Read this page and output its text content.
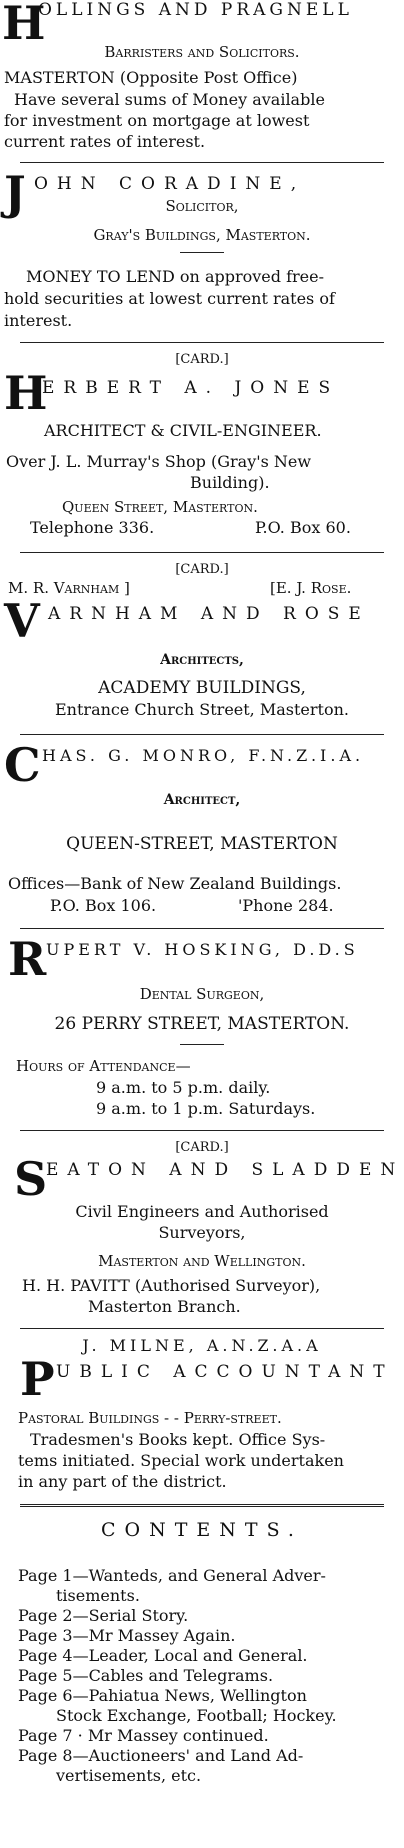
H
OLLINGS AND PRAGNELL
Barristers and Solicitors.
MASTERTON (Opposite Post Office)
Have several sums of Money available
for investment on mortgage at lowest
current rates of interest.
J OHN CORADINE,
Solicitor,
Gray's Buildings, Masterton.
MONEY TO LEND on approved free-
hold securities at lowest current rates of
interest.
[CARD.]
H
ERBERT A. JONES
ARCHITECT & CIVIL-ENGINEER.
Over J. L. Murray's Shop (Gray's New
Building).
Queen Street, Masterton.
Telephone 336.	P.O. Box 60.
[CARD.]
M. R. Varnham ]	[E. J. Rose.
V ARNHAM AND ROSE
Architects,
ACADEMY BUILDINGS,
Entrance Church Street, Masterton.
C HAS. G. MONRO, F.N.Z.I.A.
Architect,
QUEEN-STREET, MASTERTON
Offices—Bank of New Zealand Buildings.
P.O. Box 106.	'Phone 284.
R UPERT V. HOSKING, D.D.S
Dental Surgeon,
26 PERRY STREET, MASTERTON.
Hours of Attendance—
9 a.m. to 5 p.m. daily.
9 a.m. to 1 p.m. Saturdays.
[CARD.]
S
EATON AND SLADDEN
Civil Engineers and Authorised
Surveyors,
Masterton and Wellington.
H. H. PAVITT (Authorised Surveyor),
Masterton Branch.
J. MILNE, A.N.Z.A.A
P UBLIC ACCOUNTANT
Pastoral Buildings - - Perry-street.
Tradesmen's Books kept. Office Sys-
tems initiated. Special work undertaken
in any part of the district.
CONTENTS.
Page 1—Wanteds, and General Adver-
tisements.
Page 2—Serial Story.
Page 3—Mr Massey Again.
Page 4—Leader, Local and General.
Page 5—Cables and Telegrams.
Page 6—Pahiatua News, Wellington
Stock Exchange, Football; Hockey.
Page 7 · Mr Massey continued.
Page 8—Auctioneers' and Land Ad-
vertisements, etc.
